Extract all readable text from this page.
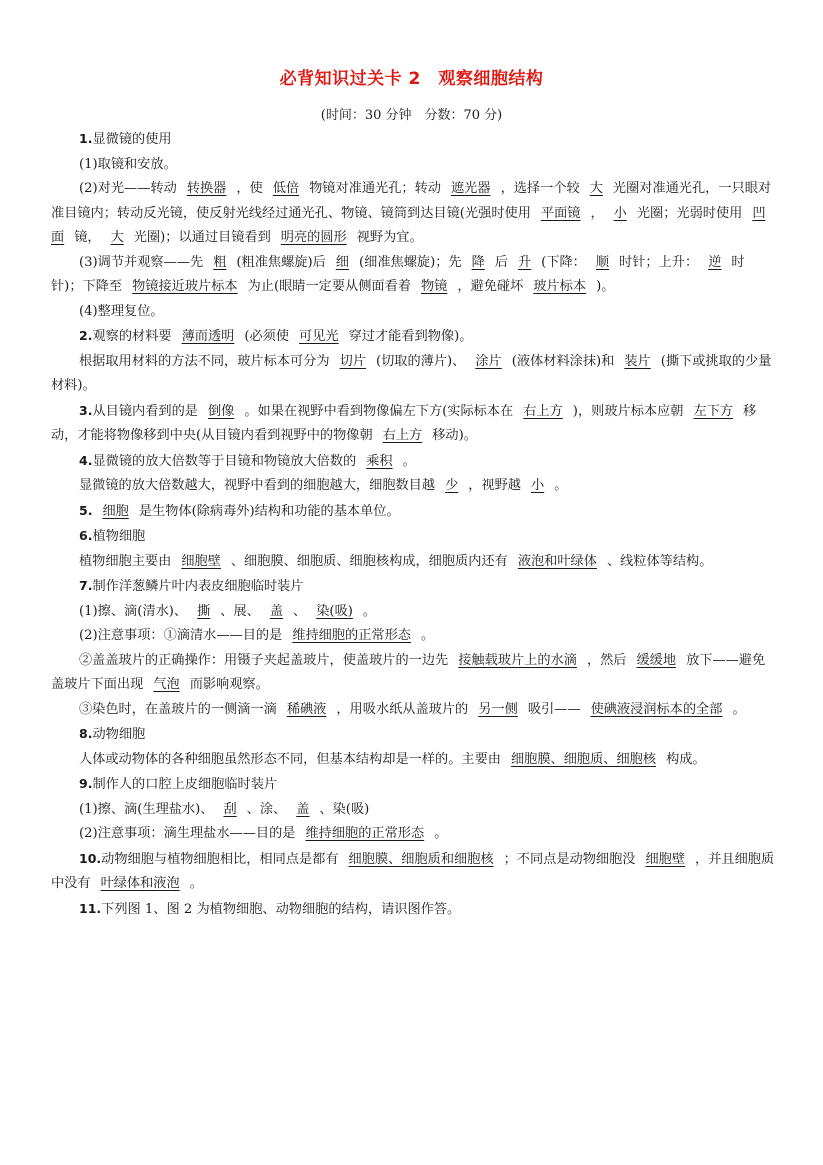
必背知识过关卡 2　观察细胞结构
(时间：30 分钟　分数：70 分)

1.显微镜的使用

(1)取镜和安放。

(2)对光——转动 转换器 ，使 低倍 物镜对准通光孔；转动 遮光器 ，选择一个较 大 光圈对准通光孔，一只眼对准目镜内；转动反光镜，使反射光线经过通光孔、物镜、镜筒到达目镜(光强时使用 平面镜 ， 小 光圈；光弱时使用 凹面 镜， 大 光圈)；以通过目镜看到 明亮的圆形 视野为宜。

(3)调节并观察——先 粗 (粗准焦螺旋)后 细 (细准焦螺旋)；先 降 后 升 (下降： 顺 时针；上升： 逆 时针)；下降至 物镜接近玻片标本 为止(眼睛一定要从侧面看着 物镜 ，避免碰坏 玻片标本 )。

(4)整理复位。

2.观察的材料要 薄而透明 (必须使 可见光 穿过才能看到物像)。

根据取用材料的方法不同，玻片标本可分为 切片 (切取的薄片)、 涂片 (液体材料涂抹)和 装片 (撕下或挑取的少量材料)。

3.从目镜内看到的是 倒像 。如果在视野中看到物像偏左下方(实际标本在 右上方 )，则玻片标本应朝 左下方 移动，才能将物像移到中央(从目镜内看到视野中的物像朝 右上方 移动)。

4.显微镜的放大倍数等于目镜和物镜放大倍数的 乘积 。

显微镜的放大倍数越大，视野中看到的细胞越大，细胞数目越 少 ，视野越 小 。

5. 细胞 是生物体(除病毒外)结构和功能的基本单位。

6.植物细胞

植物细胞主要由 细胞壁 、细胞膜、细胞质、细胞核构成，细胞质内还有 液泡和叶绿体 、线粒体等结构。

7.制作洋葱鳞片叶内表皮细胞临时装片

(1)擦、滴(清水)、 撕 、展、 盖 、 染(吸) 。

(2)注意事项：①滴清水——目的是 维持细胞的正常形态 。

②盖盖玻片的正确操作：用镊子夹起盖玻片，使盖玻片的一边先 接触载玻片上的水滴 ，然后 缓缓地 放下——避免盖玻片下面出现 气泡 而影响观察。

③染色时，在盖玻片的一侧滴一滴 稀碘液 ，用吸水纸从盖玻片的 另一侧 吸引—— 使碘液浸润标本的全部 。

8.动物细胞

人体或动物体的各种细胞虽然形态不同，但基本结构却是一样的。主要由 细胞膜、细胞质、细胞核 构成。

9.制作人的口腔上皮细胞临时装片

(1)擦、滴(生理盐水)、 刮 、涂、 盖 、染(吸)

(2)注意事项：滴生理盐水——目的是 维持细胞的正常形态 。

10.动物细胞与植物细胞相比，相同点是都有 细胞膜、细胞质和细胞核 ；不同点是动物细胞没 细胞壁 ，并且细胞质中没有 叶绿体和液泡 。

11.下列图 1、图 2 为植物细胞、动物细胞的结构，请识图作答。
